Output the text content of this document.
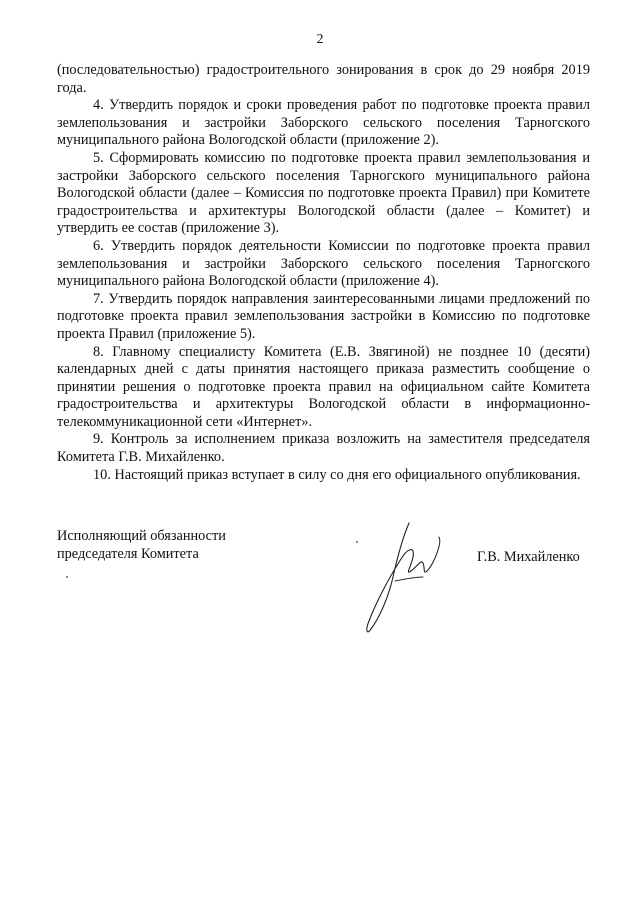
2

(последовательностью) градостроительного зонирования в срок до 29 ноября 2019 года.

4. Утвердить порядок и сроки проведения работ по подготовке проекта правил землепользования и застройки Заборского сельского поселения Тарногского муниципального района Вологодской области (приложение 2).

5. Сформировать комиссию по подготовке проекта правил землепользования и застройки Заборского сельского поселения Тарногского муниципального района Вологодской области (далее – Комиссия по подготовке проекта Правил) при Комитете градостроительства и архитектуры Вологодской области (далее – Комитет) и утвердить ее состав (приложение 3).

6. Утвердить порядок деятельности Комиссии по подготовке проекта правил землепользования и застройки Заборского сельского поселения Тарногского муниципального района Вологодской области (приложение 4).

7. Утвердить порядок направления заинтересованными лицами предложений по подготовке проекта правил землепользования застройки в Комиссию по подготовке проекта Правил (приложение 5).

8. Главному специалисту Комитета (Е.В. Звягиной) не позднее 10 (десяти) календарных дней с даты принятия настоящего приказа разместить сообщение о принятии решения о подготовке проекта правил на официальном сайте Комитета градостроительства и архитектуры Вологодской области в информационно-телекоммуникационной сети «Интернет».

9. Контроль за исполнением приказа возложить на заместителя председателя Комитета Г.В. Михайленко.

10. Настоящий приказ вступает в силу со дня его официального опубликования.

Исполняющий обязанности
председателя Комитета	Г.В. Михайленко
